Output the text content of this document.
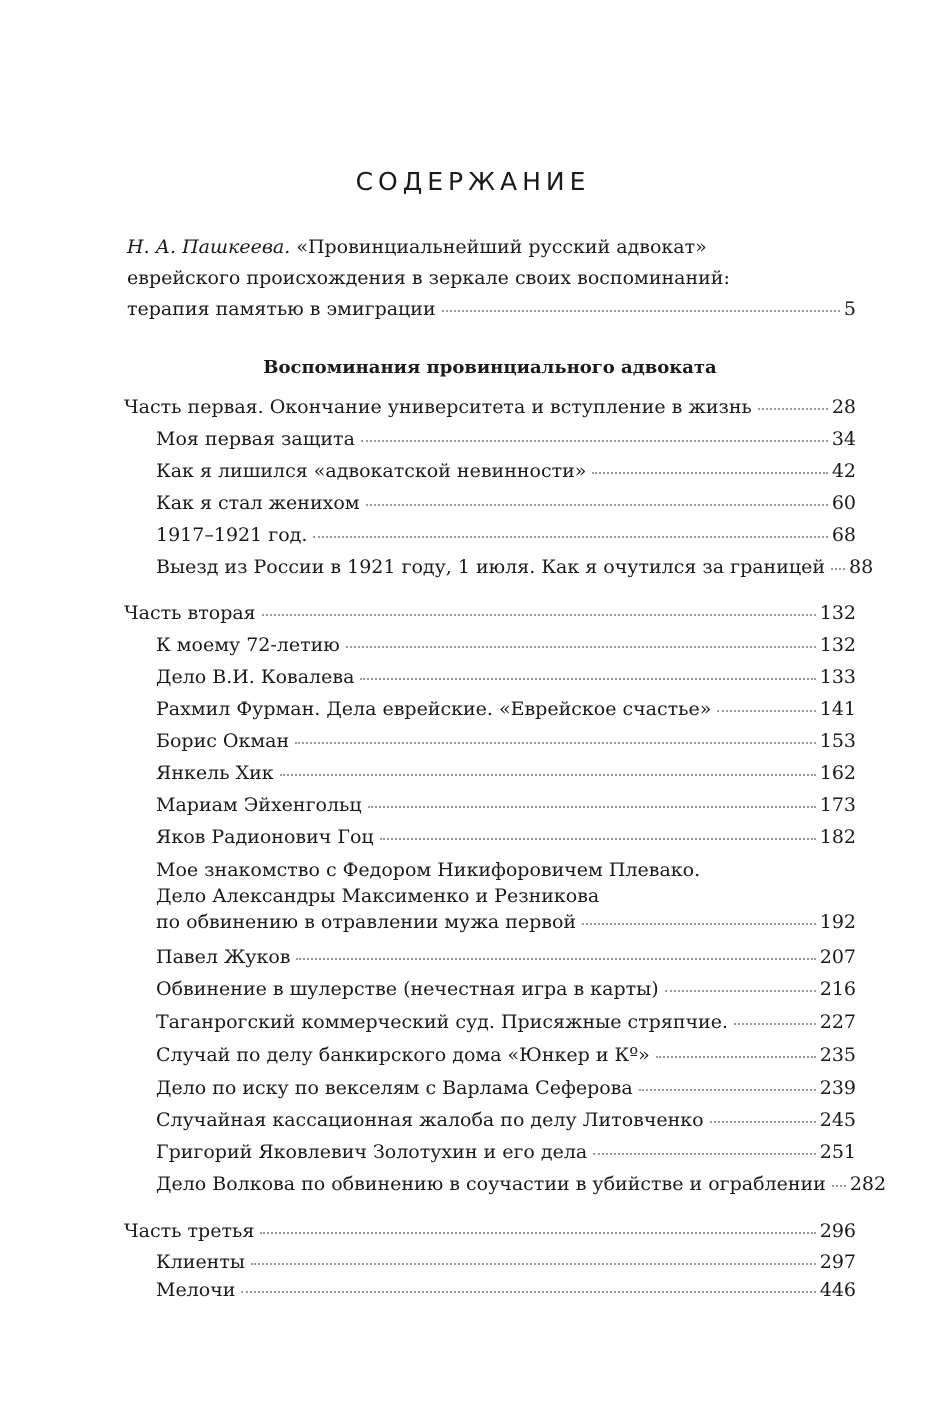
СОДЕРЖАНИЕ
Н. А. Пашкеева. «Провинциальнейший русский адвокат»
еврейского происхождения в зеркале своих воспоминаний:
терапия памятью в эмиграции	5
Воспоминания провинциального адвоката
Часть первая. Окончание университета и вступление в жизнь	28
Моя первая защита	34
Как я лишился «адвокатской невинности»	42
Как я стал женихом	60
1917–1921 год.	68
Выезд из России в 1921 году, 1 июля. Как я очутился за границей 88
Часть вторая	132
К моему 72-летию	132
Дело В.И. Ковалева	133
Рахмил Фурман. Дела еврейские. «Еврейское счастье»	141
Борис Окман	153
Янкель Хик	162
Мариам Эйхенгольц	173
Яков Радионович Гоц	182
Мое знакомство с Федором Никифоровичем Плевако.
Дело Александры Максименко и Резникова
по обвинению в отравлении мужа первой	192
Павел Жуков	207
Обвинение в шулерстве (нечестная игра в карты)	216
Таганрогский коммерческий суд. Присяжные стряпчие.	227
Случай по делу банкирского дома «Юнкер и Кº»	235
Дело по иску по векселям с Варлама Сеферова	239
Случайная кассационная жалоба по делу Литовченко	245
Григорий Яковлевич Золотухин и его дела	251
Дело Волкова по обвинению в соучастии в убийстве и ограблении 282
Часть третья	296
Клиенты	297
Мелочи	446
